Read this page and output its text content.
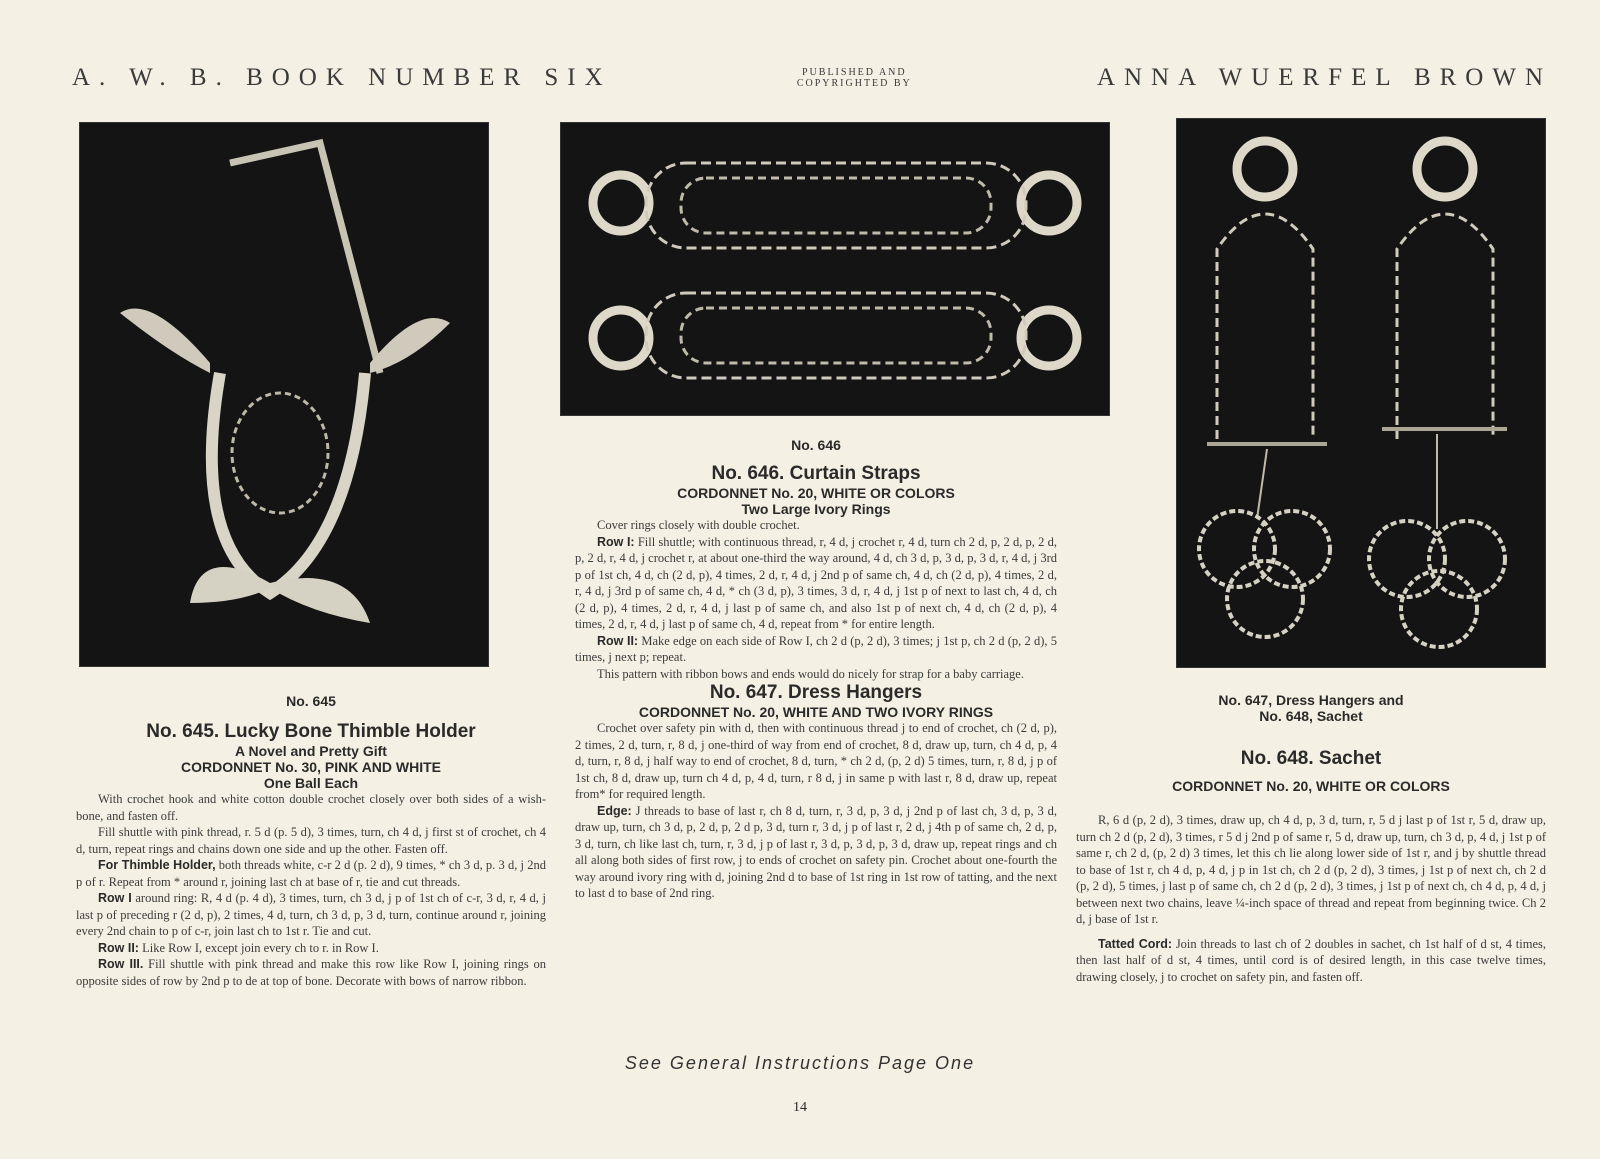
A. W. B. BOOK NUMBER SIX	PUBLISHED AND
COPYRIGHTED BY	ANNA WUERFEL BROWN
No. 645
No. 645. Lucky Bone Thimble Holder
A Novel and Pretty Gift
CORDONNET No. 30, PINK AND WHITE
One Ball Each

With crochet hook and white cotton double crochet closely over both sides of a wish-bone, and fasten off.

Fill shuttle with pink thread, r. 5 d (p. 5 d), 3 times, turn, ch 4 d, j first st of crochet, ch 4 d, turn, repeat rings and chains down one side and up the other. Fasten off.

For Thimble Holder, both threads white, c-r 2 d (p. 2 d), 9 times, * ch 3 d, p. 3 d, j 2nd p of r. Repeat from * around r, joining last ch at base of r, tie and cut threads.

Row I around ring: R, 4 d (p. 4 d), 3 times, turn, ch 3 d, j p of 1st ch of c-r, 3 d, r, 4 d, j last p of preceding r (2 d, p), 2 times, 4 d, turn, ch 3 d, p, 3 d, turn, continue around r, joining every 2nd chain to p of c-r, join last ch to 1st r. Tie and cut.

Row II: Like Row I, except join every ch to r. in Row I.

Row III. Fill shuttle with pink thread and make this row like Row I, joining rings on opposite sides of row by 2nd p to de at top of bone. Decorate with bows of narrow ribbon.

No. 646
No. 646. Curtain Straps
CORDONNET No. 20, WHITE OR COLORS
Two Large Ivory Rings

Cover rings closely with double crochet.

Row I: Fill shuttle; with continuous thread, r, 4 d, j crochet r, 4 d, turn ch 2 d, p, 2 d, p, 2 d, p, 2 d, r, 4 d, j crochet r, at about one-third the way around, 4 d, ch 3 d, p, 3 d, p, 3 d, r, 4 d, j 3rd p of 1st ch, 4 d, ch (2 d, p), 4 times, 2 d, r, 4 d, j 2nd p of same ch, 4 d, ch (2 d, p), 4 times, 2 d, r, 4 d, j 3rd p of same ch, 4 d, * ch (3 d, p), 3 times, 3 d, r, 4 d, j 1st p of next to last ch, 4 d, ch (2 d, p), 4 times, 2 d, r, 4 d, j last p of same ch, and also 1st p of next ch, 4 d, ch (2 d, p), 4 times, 2 d, r, 4 d, j last p of same ch, 4 d, repeat from * for entire length.

Row II: Make edge on each side of Row I, ch 2 d (p, 2 d), 3 times; j 1st p, ch 2 d (p, 2 d), 5 times, j next p; repeat.

This pattern with ribbon bows and ends would do nicely for strap for a baby carriage.

No. 647. Dress Hangers
CORDONNET No. 20, WHITE AND TWO IVORY RINGS

Crochet over safety pin with d, then with continuous thread j to end of crochet, ch (2 d, p), 2 times, 2 d, turn, r, 8 d, j one-third of way from end of crochet, 8 d, draw up, turn, ch 4 d, p, 4 d, turn, r, 8 d, j half way to end of crochet, 8 d, turn, * ch 2 d, (p, 2 d) 5 times, turn, r, 8 d, j p of 1st ch, 8 d, draw up, turn ch 4 d, p, 4 d, turn, r 8 d, j in same p with last r, 8 d, draw up, repeat from* for required length.

Edge: J threads to base of last r, ch 8 d, turn, r, 3 d, p, 3 d, j 2nd p of last ch, 3 d, p, 3 d, draw up, turn, ch 3 d, p, 2 d, p, 2 d p, 3 d, turn r, 3 d, j p of last r, 2 d, j 4th p of same ch, 2 d, p, 3 d, turn, ch like last ch, turn, r, 3 d, j p of last r, 3 d, p, 3 d, p, 3 d, draw up, repeat rings and ch all along both sides of first row, j to ends of crochet on safety pin. Crochet about one-fourth the way around ivory ring with d, joining 2nd d to base of 1st ring in 1st row of tatting, and the next to last d to base of 2nd ring.

No. 647, Dress Hangers and
No. 648, Sachet
No. 648. Sachet
CORDONNET No. 20, WHITE OR COLORS

R, 6 d (p, 2 d), 3 times, draw up, ch 4 d, p, 3 d, turn, r, 5 d j last p of 1st r, 5 d, draw up, turn ch 2 d (p, 2 d), 3 times, r 5 d j 2nd p of same r, 5 d, draw up, turn, ch 3 d, p, 4 d, j 1st p of same r, ch 2 d, (p, 2 d) 3 times, let this ch lie along lower side of 1st r, and j by shuttle thread to base of 1st r, ch 4 d, p, 4 d, j p in 1st ch, ch 2 d (p, 2 d), 3 times, j 1st p of next ch, ch 2 d (p, 2 d), 5 times, j last p of same ch, ch 2 d (p, 2 d), 3 times, j 1st p of next ch, ch 4 d, p, 4 d, j between next two chains, leave ¼-inch space of thread and repeat from beginning twice. Ch 2 d, j base of 1st r.

Tatted Cord: Join threads to last ch of 2 doubles in sachet, ch 1st half of d st, 4 times, then last half of d st, 4 times, until cord is of desired length, in this case twelve times, drawing closely, j to crochet on safety pin, and fasten off.

See General Instructions Page One
14
